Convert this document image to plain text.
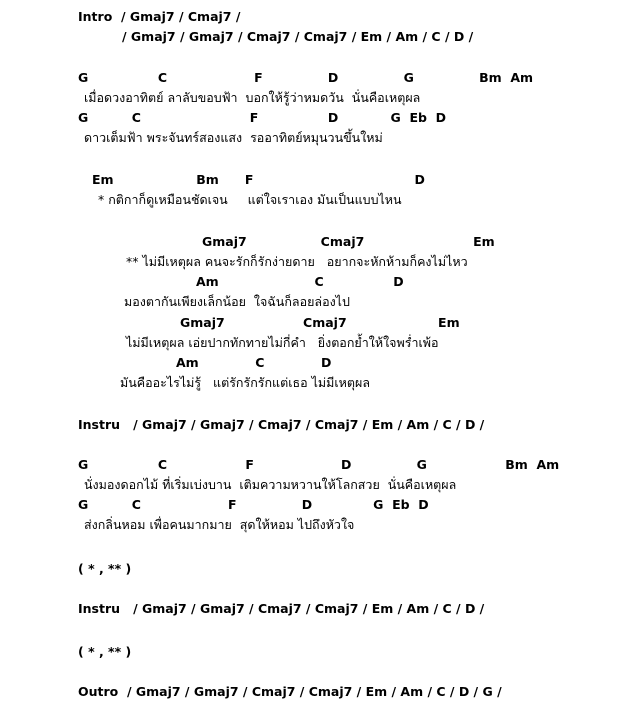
Intro  / Gmaj7 / Cmaj7 /
/ Gmaj7 / Gmaj7 / Cmaj7 / Cmaj7 / Em / Am / C / D /
G                C                    F               D               G               Bm  Am
เมื่อดวงอาทิตย์ ลาลับขอบฟ้า  บอกให้รู้ว่าหมดวัน  นั่นคือเหตุผล
G          C                         F                D            G  Eb  D
ดาวเต็มฟ้า พระจันทร์สองแสง  รออาทิตย์หมุนวนขึ้นใหม่
Em                   Bm      F                                     D
* กติกาก็ดูเหมือนชัดเจน     แต่ใจเราเอง มันเป็นแบบไหน
Gmaj7                 Cmaj7                         Em
** ไม่มีเหตุผล คนจะรักก็รักง่ายดาย   อยากจะหักห้ามก็คงไม่ไหว
Am                      C                D
มองตากันเพียงเล็กน้อย  ใจฉันก็ลอยล่องไป
Gmaj7                  Cmaj7                     Em
ไม่มีเหตุผล เอ่ยปากทักทายไม่กี่คำ   ยิ่งตอกย้ำให้ใจพร่ำเพ้อ
Am             C             D
มันคืออะไรไม่รู้   แต่รักรักรักแต่เธอ ไม่มีเหตุผล
Instru   / Gmaj7 / Gmaj7 / Cmaj7 / Cmaj7 / Em / Am / C / D /
G                C                  F                    D               G                  Bm  Am
นั่งมองดอกไม้ ที่เริ่มเบ่งบาน  เติมความหวานให้โลกสวย  นั่นคือเหตุผล
G          C                    F               D              G  Eb  D
ส่งกลิ่นหอม เพื่อคนมากมาย  สุดให้หอม ไปถึงหัวใจ
( * , ** )
Instru   / Gmaj7 / Gmaj7 / Cmaj7 / Cmaj7 / Em / Am / C / D /
( * , ** )
Outro  / Gmaj7 / Gmaj7 / Cmaj7 / Cmaj7 / Em / Am / C / D / G /
